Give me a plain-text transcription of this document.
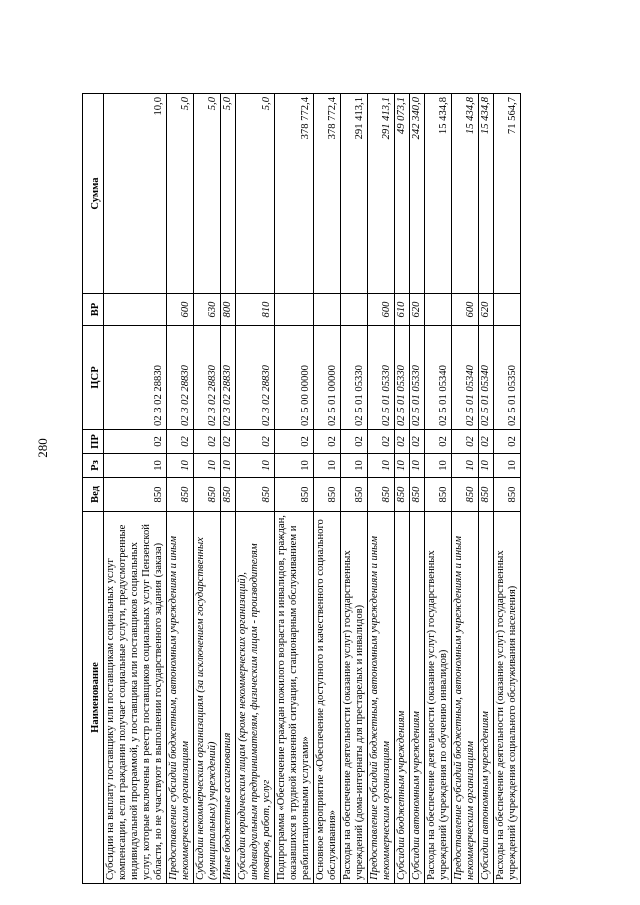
280
Наименование	Вед	Рз	ПР	ЦСР	ВР	Сумма
Субсидии на выплату поставщику или поставщикам социальных услуг компенсации, если гражданин получает социальные услуги, предусмотренные индивидуальной программой, у поставщика или поставщиков социальных услуг, которые включены в реестр поставщиков социальных услуг Пензенской области, но не участвуют в выполнении государственного задания (заказа)	850	10	02	02 3 02 28830		10,0
Предоставление субсидий бюджетным, автономным учреждениям и иным некоммерческим организациям	850	10	02	02 3 02 28830	600	5,0
Субсидии некоммерческим организациям (за исключением государственных (муниципальных) учреждений)	850	10	02	02 3 02 28830	630	5,0
Иные бюджетные ассигнования	850	10	02	02 3 02 28830	800	5,0
Субсидии юридическим лицам (кроме некоммерческих организаций), индивидуальным предпринимателям, физическим лицам - производителям товаров, работ, услуг	850	10	02	02 3 02 28830	810	5,0
Подпрограмма «Обеспечение граждан пожилого возраста и инвалидов, граждан, оказавшихся в трудной жизненной ситуации, стационарным обслуживанием и реабилитационными услугами»	850	10	02	02 5 00 00000		378 772,4
Основное мероприятие «Обеспечение доступного и качественного социального обслуживания»	850	10	02	02 5 01 00000		378 772,4
Расходы на обеспечение деятельности (оказание услуг) государственных учреждений (дома-интернаты для престарелых и инвалидов)	850	10	02	02 5 01 05330		291 413,1
Предоставление субсидий бюджетным, автономным учреждениям и иным некоммерческим организациям	850	10	02	02 5 01 05330	600	291 413,1
Субсидии бюджетным учреждениям	850	10	02	02 5 01 05330	610	49 073,1
Субсидии автономным учреждениям	850	10	02	02 5 01 05330	620	242 340,0
Расходы на обеспечение деятельности (оказание услуг) государственных учреждений (учреждения по обучению инвалидов)	850	10	02	02 5 01 05340		15 434,8
Предоставление субсидий бюджетным, автономным учреждениям и иным некоммерческим организациям	850	10	02	02 5 01 05340	600	15 434,8
Субсидии автономным учреждениям	850	10	02	02 5 01 05340	620	15 434,8
Расходы на обеспечение деятельности (оказание услуг) государственных учреждений (учреждения социального обслуживания населения)	850	10	02	02 5 01 05350		71 564,7
